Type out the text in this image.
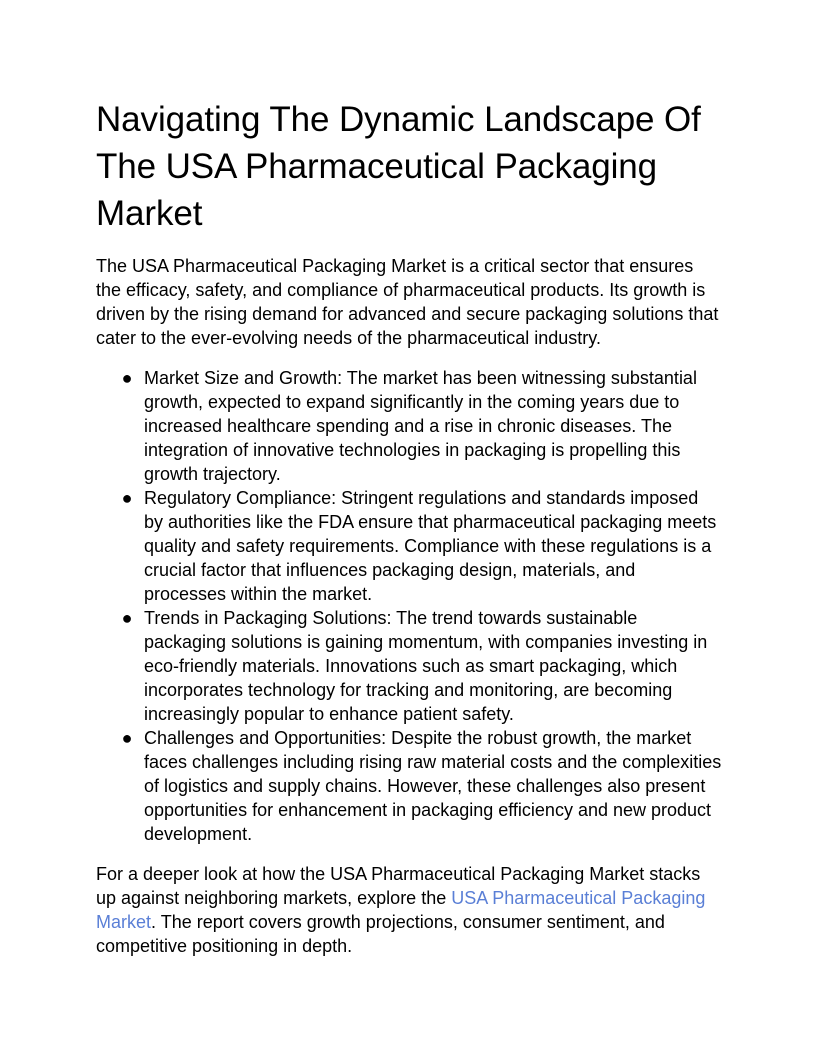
Navigating The Dynamic Landscape Of The USA Pharmaceutical Packaging Market

The USA Pharmaceutical Packaging Market is a critical sector that ensures the efficacy, safety, and compliance of pharmaceutical products. Its growth is driven by the rising demand for advanced and secure packaging solutions that cater to the ever-evolving needs of the pharmaceutical industry.

● Market Size and Growth: The market has been witnessing substantial growth, expected to expand significantly in the coming years due to increased healthcare spending and a rise in chronic diseases. The integration of innovative technologies in packaging is propelling this growth trajectory.
● Regulatory Compliance: Stringent regulations and standards imposed by authorities like the FDA ensure that pharmaceutical packaging meets quality and safety requirements. Compliance with these regulations is a crucial factor that influences packaging design, materials, and processes within the market.
● Trends in Packaging Solutions: The trend towards sustainable packaging solutions is gaining momentum, with companies investing in eco-friendly materials. Innovations such as smart packaging, which incorporates technology for tracking and monitoring, are becoming increasingly popular to enhance patient safety.
● Challenges and Opportunities: Despite the robust growth, the market faces challenges including rising raw material costs and the complexities of logistics and supply chains. However, these challenges also present opportunities for enhancement in packaging efficiency and new product development.

For a deeper look at how the USA Pharmaceutical Packaging Market stacks up against neighboring markets, explore the USA Pharmaceutical Packaging Market. The report covers growth projections, consumer sentiment, and competitive positioning in depth.
